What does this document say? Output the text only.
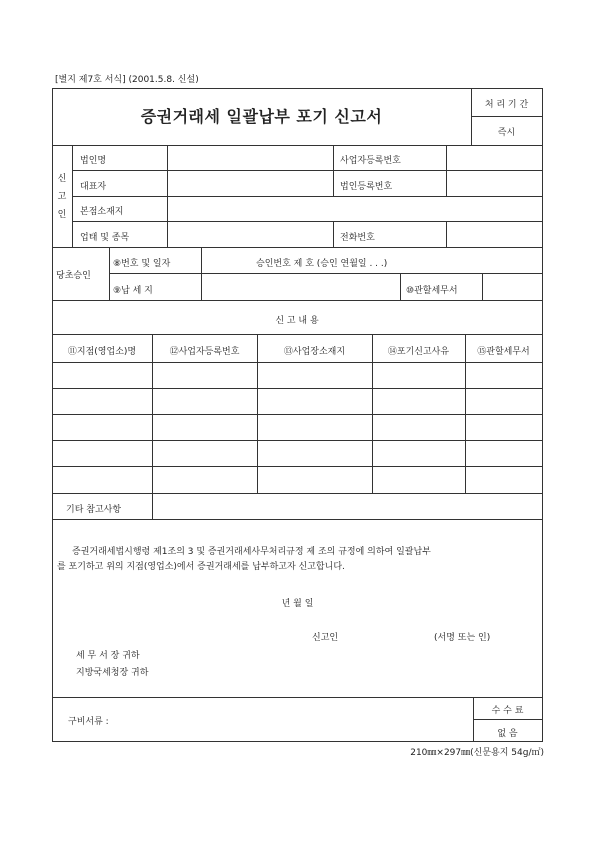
[별지 제7호 서식] (2001.5.8. 신설)
증권거래세 일괄납부 포기 신고서
처 리 기 간
즉시
신
고
인
법인명	사업자등록번호
대표자	법인등록번호
본점소재지
업태 및 종목	전화번호
당초승인
⑧번호 및 일자	승인번호 제 호 (승인 연월일 . . .)
⑨납 세 지	⑩관할세무서
신 고 내 용
⑪지점(영업소)명	⑫사업자등록번호	⑬사업장소재지	⑭포기신고사유	⑮관할세무서
기타 참고사항
증권거래세법시행령 제1조의 3 및 증권거래세사무처리규정 제 조의 규정에 의하여 일괄납부
를 포기하고 위의 지점(영업소)에서 증권거래세를 납부하고자 신고합니다.
년 월 일
신고인	(서명 또는 인)
세 무 서 장 귀하
지방국세청장 귀하
구비서류 :
수 수 료
없 음
210㎜×297㎜(신문용지 54g/㎡)
